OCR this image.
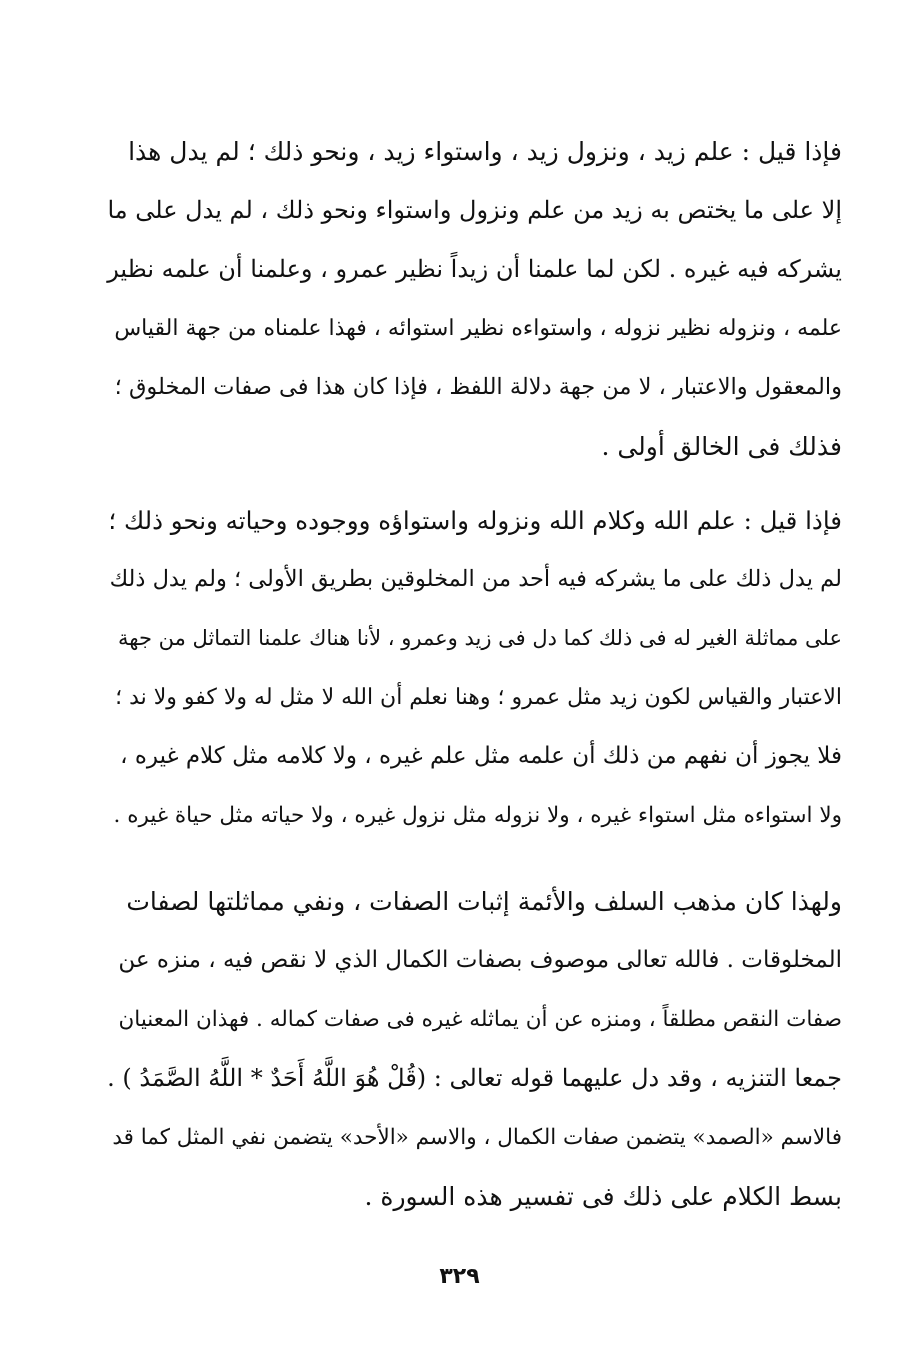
فإذا قيل : علم زيد ، ونزول زيد ، واستواء زيد ، ونحو ذلك ؛ لم يدل هذا
إلا على ما يختص به زيد من علم ونزول واستواء ونحو ذلك ، لم يدل على ما
يشركه فيه غيره . لكن لما علمنا أن زيداً نظير عمرو ، وعلمنا أن علمه نظير
علمه ، ونزوله نظير نزوله ، واستواءه نظير استوائه ، فهذا علمناه من جهة القياس
والمعقول والاعتبار ، لا من جهة دلالة اللفظ ، فإذا كان هذا فى صفات المخلوق ؛
فذلك فى الخالق أولى .
فإذا قيل : علم الله وكلام الله ونزوله واستواؤه ووجوده وحياته ونحو ذلك ؛
لم يدل ذلك على ما يشركه فيه أحد من المخلوقين بطريق الأولى ؛ ولم يدل ذلك
على مماثلة الغير له فى ذلك كما دل فى زيد وعمرو ، لأنا هناك علمنا التماثل من جهة
الاعتبار والقياس لكون زيد مثل عمرو ؛ وهنا نعلم أن الله لا مثل له ولا كفو ولا ند ؛
فلا يجوز أن نفهم من ذلك أن علمه مثل علم غيره ، ولا كلامه مثل كلام غيره ،
ولا استواءه مثل استواء غيره ، ولا نزوله مثل نزول غيره ، ولا حياته مثل حياة غيره .
ولهذا كان مذهب السلف والأئمة إثبات الصفات ، ونفي مماثلتها لصفات
المخلوقات . فالله تعالى موصوف بصفات الكمال الذي لا نقص فيه ، منزه عن
صفات النقص مطلقاً ، ومنزه عن أن يماثله غيره فى صفات كماله . فهذان المعنيان
جمعا التنزيه ، وقد دل عليهما قوله تعالى : (قُلْ هُوَ اللَّهُ أَحَدٌ * اللَّهُ الصَّمَدُ ) .
فالاسم «الصمد» يتضمن صفات الكمال ، والاسم «الأحد» يتضمن نفي المثل كما قد
بسط الكلام على ذلك فى تفسير هذه السورة .
٣٢٩
